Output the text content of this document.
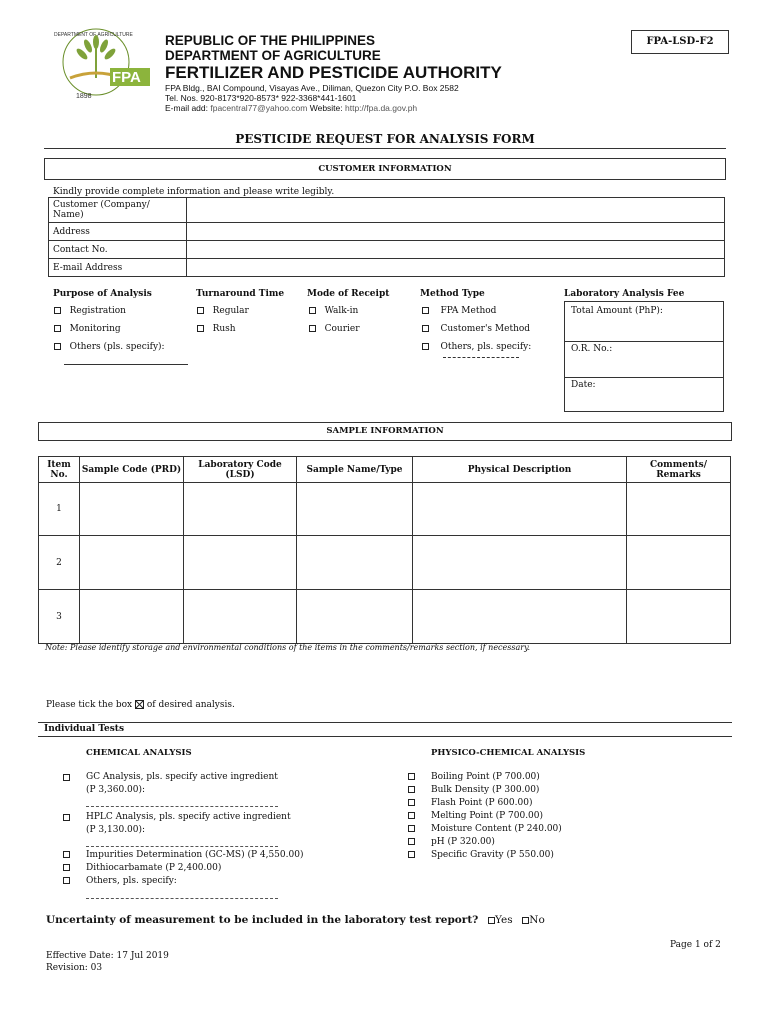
FPA
1898
DEPARTMENT OF AGRICULTURE REPUBLIC OF THE PHILIPPINES
DEPARTMENT OF AGRICULTURE
FERTILIZER AND PESTICIDE AUTHORITY
FPA Bldg., BAI Compound, Visayas Ave., Diliman, Quezon City P.O. Box 2582
Tel. Nos. 920-8173*920-8573* 922-3368*441-1601
E-mail add: fpacentral77@yahoo.com Website: http://fpa.da.gov.ph
FPA-LSD-F2
PESTICIDE REQUEST FOR ANALYSIS FORM
CUSTOMER INFORMATION
Kindly provide complete information and please write legibly.
Customer (Company/
Name)	
Address	
Contact No.	
E-mail Address	
Purpose of Analysis	Turnaround Time	Mode of Receipt	Method Type	Laboratory Analysis Fee
Registration
Monitoring
Others (pls. specify):
Regular
Rush
Walk-in
Courier
FPA Method
Customer's Method
Others, pls. specify:
Total Amount (PhP):
O.R. No.:
Date:
SAMPLE INFORMATION
Item No.	Sample Code (PRD)	Laboratory Code (LSD)	Sample Name/Type	Physical Description	Comments/ Remarks
1					
2					
3					
Note: Please identify storage and environmental conditions of the items in the comments/remarks section, if necessary.
Please tick the box of desired analysis.
Individual Tests
CHEMICAL ANALYSIS
GC Analysis, pls. specify active ingredient
(P 3,360.00):
HPLC Analysis, pls. specify active ingredient
(P 3,130.00):
Impurities Determination (GC-MS) (P 4,550.00)
Dithiocarbamate (P 2,400.00)
Others, pls. specify:
PHYSICO-CHEMICAL ANALYSIS
Boiling Point (P 700.00)
Bulk Density (P 300.00)
Flash Point (P 600.00)
Melting Point (P 700.00)
Moisture Content (P 240.00)
pH (P 320.00)
Specific Gravity (P 550.00)
Uncertainty of measurement to be included in the laboratory test report? Yes No
Page 1 of 2
Effective Date: 17 Jul 2019
Revision: 03
